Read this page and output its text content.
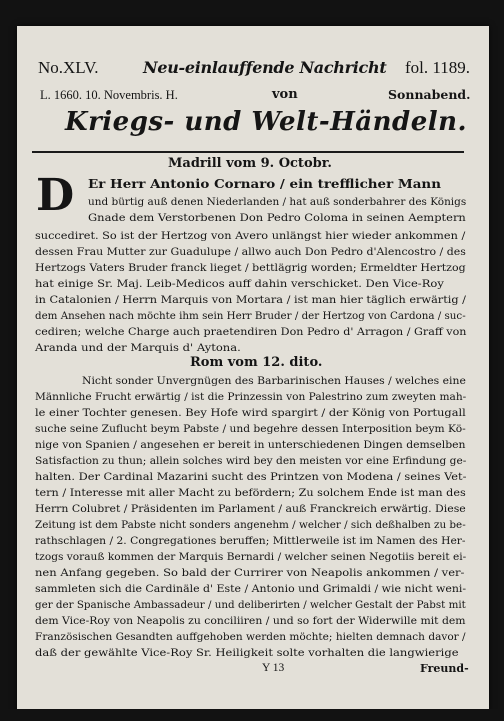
No.XLV.	Neu-einlauffende Nachricht fol. 1189.
L. 1660. 10. Novembris. H.	von	Sonnabend.
Kriegs- und Welt-Händeln.
Madrill vom 9. Octobr.
D Er Herr Antonio Cornaro / ein trefflicher Mann
und bürtig auß denen Niederlanden / hat auß sonderbahrer des Königs
Gnade dem Verstorbenen Don Pedro Coloma in seinen Aemptern
succediret. So ist der Hertzog von Avero unlängst hier wieder ankommen /
dessen Frau Mutter zur Guadulupe / allwo auch Don Pedro d'Alencostro / des
Hertzogs Vaters Bruder franck lieget / bettlägrig worden; Ermeldter Hertzog
hat einige Sr. Maj. Leib-Medicos auff dahin verschicket. Den Vice-Roy
in Catalonien / Herrn Marquis von Mortara / ist man hier täglich erwärtig /
dem Ansehen nach möchte ihm sein Herr Bruder / der Hertzog von Cardona / suc-
cediren; welche Charge auch praetendiren Don Pedro d' Arragon / Graff von
Aranda und der Marquis d' Aytona.
Rom vom 12. dito.
Nicht sonder Unvergnügen des Barbarinischen Hauses / welches eine
Männliche Frucht erwärtig / ist die Prinzessin von Palestrino zum zweyten mah-
le einer Tochter genesen. Bey Hofe wird spargirt / der König von Portugall
suche seine Zuflucht beym Pabste / und begehre dessen Interposition beym Kö-
nige von Spanien / angesehen er bereit in unterschiedenen Dingen demselben
Satisfaction zu thun; allein solches wird bey den meisten vor eine Erfindung ge-
halten. Der Cardinal Mazarini sucht des Printzen von Modena / seines Vet-
tern / Interesse mit aller Macht zu befördern; Zu solchem Ende ist man des
Herrn Colubret / Präsidenten im Parlament / auß Franckreich erwärtig. Diese
Zeitung ist dem Pabste nicht sonders angenehm / welcher / sich deßhalben zu be-
rathschlagen / 2. Congregationes beruffen; Mittlerweile ist im Namen des Her-
tzogs vorauß kommen der Marquis Bernardi / welcher seinen Negotiis bereit ei-
nen Anfang gegeben. So bald der Currirer von Neapolis ankommen / ver-
sammleten sich die Cardinäle d' Este / Antonio und Grimaldi / wie nicht weni-
ger der Spanische Ambassadeur / und deliberirten / welcher Gestalt der Pabst mit
dem Vice-Roy von Neapolis zu conciliiren / und so fort der Widerwille mit dem
Französischen Gesandten auffgehoben werden möchte; hielten demnach davor /
daß der gewählte Vice-Roy Sr. Heiligkeit solte vorhalten die langwierige
Y 13	Freund-
